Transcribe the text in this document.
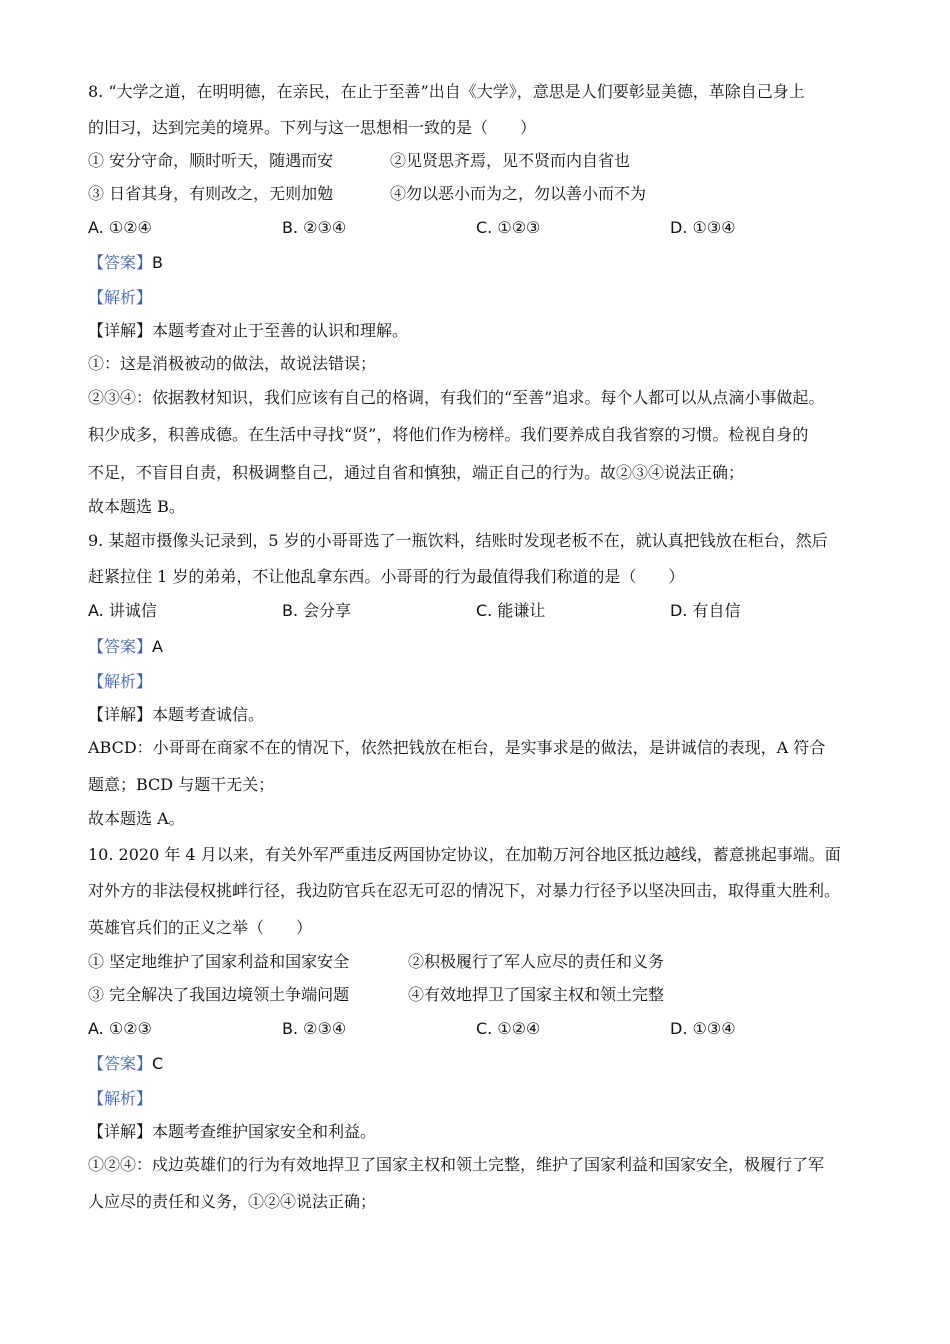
8. “大学之道，在明明德，在亲民，在止于至善”出自《大学》，意思是人们要彰显美德，革除自己身上
的旧习，达到完美的境界。下列与这一思想相一致的是（　　）
① 安分守命，顺时听天，随遇而安	②见贤思齐焉，见不贤而内自省也
③ 日省其身，有则改之，无则加勉	④勿以恶小而为之，勿以善小而不为
A. ①②④	B. ②③④	C. ①②③	D. ①③④
【答案】B
【解析】
【详解】本题考查对止于至善的认识和理解。
①：这是消极被动的做法，故说法错误；
②③④：依据教材知识，我们应该有自己的格调，有我们的“至善”追求。每个人都可以从点滴小事做起。
积少成多，积善成德。在生活中寻找“贤”，将他们作为榜样。我们要养成自我省察的习惯。检视自身的
不足，不盲目自责，积极调整自己，通过自省和慎独，端正自己的行为。故②③④说法正确；
故本题选 B。
9. 某超市摄像头记录到，5 岁的小哥哥选了一瓶饮料，结账时发现老板不在，就认真把钱放在柜台，然后
赶紧拉住 1 岁的弟弟，不让他乱拿东西。小哥哥的行为最值得我们称道的是（　　）
A. 讲诚信	B. 会分享	C. 能谦让	D. 有自信
【答案】A
【解析】
【详解】本题考查诚信。
ABCD：小哥哥在商家不在的情况下，依然把钱放在柜台，是实事求是的做法，是讲诚信的表现，A 符合
题意；BCD 与题干无关；
故本题选 A。
10. 2020 年 4 月以来，有关外军严重违反两国协定协议，在加勒万河谷地区抵边越线，蓄意挑起事端。面
对外方的非法侵权挑衅行径，我边防官兵在忍无可忍的情况下，对暴力行径予以坚决回击，取得重大胜利。
英雄官兵们的正义之举（　　）
① 坚定地维护了国家利益和国家安全	②积极履行了军人应尽的责任和义务
③ 完全解决了我国边境领土争端问题	④有效地捍卫了国家主权和领土完整
A. ①②③	B. ②③④	C. ①②④	D. ①③④
【答案】C
【解析】
【详解】本题考查维护国家安全和利益。
①②④：戍边英雄们的行为有效地捍卫了国家主权和领土完整，维护了国家利益和国家安全，极履行了军
人应尽的责任和义务，①②④说法正确；
